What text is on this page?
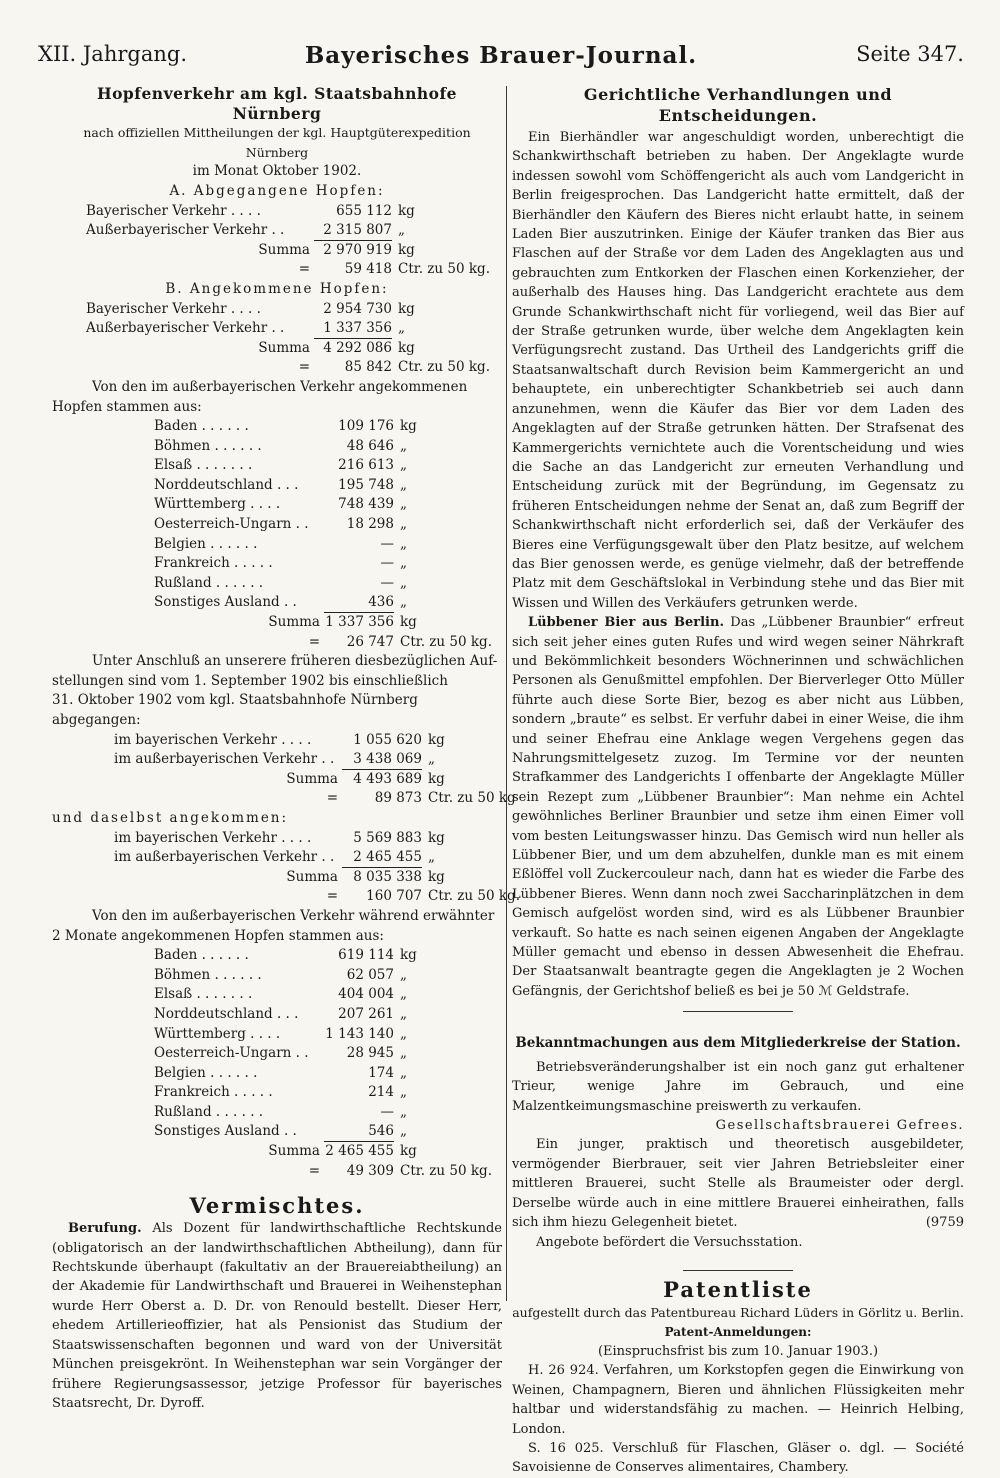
XII. Jahrgang.	Bayerisches Brauer-Journal.	Seite 347.

Hopfenverkehr am kgl. Staatsbahnhofe Nürnberg

nach offiziellen Mittheilungen der kgl. Hauptgüterexpedition Nürnberg

im Monat Oktober 1902.

A. Abgegangene Hopfen:

Bayerischer Verkehr . . . .	655 112 kg
Außerbayerischer Verkehr . .	2 315 807 „
Summa 2 970 919 kg
=	59 418 Ctr. zu 50 kg.

B. Angekommene Hopfen:

Bayerischer Verkehr . . . .	2 954 730 kg
Außerbayerischer Verkehr . .	1 337 356 „
Summa 4 292 086 kg
=	85 842 Ctr. zu 50 kg.

Von den im außerbayerischen Verkehr angekommenen

Hopfen stammen aus:

Baden . . . . . .	109 176 kg
Böhmen . . . . . .	48 646 „
Elsaß . . . . . . .	216 613 „
Norddeutschland . . .	195 748 „
Württemberg . . . .	748 439 „
Oesterreich-Ungarn . .	18 298 „
Belgien . . . . . .	— „
Frankreich . . . . .	— „
Rußland . . . . . .	— „
Sonstiges Ausland . .	436 „
Summa 1 337 356 kg
=	26 747 Ctr. zu 50 kg.

Unter Anschluß an unserere früheren diesbezüglichen Auf-

stellungen sind vom 1. September 1902 bis einschließlich

31. Oktober 1902 vom kgl. Staatsbahnhofe Nürnberg abgegangen:

im bayerischen Verkehr . . . .	1 055 620 kg
im außerbayerischen Verkehr . .	3 438 069 „
Summa	4 493 689 kg
=	89 873 Ctr. zu 50 kg

und daselbst angekommen:

im bayerischen Verkehr . . . .	5 569 883 kg
im außerbayerischen Verkehr . .	2 465 455 „
Summa	8 035 338 kg
=	160 707 Ctr. zu 50 kg.

Von den im außerbayerischen Verkehr während erwähnter

2 Monate angekommenen Hopfen stammen aus:

Baden . . . . . .	619 114 kg
Böhmen . . . . . .	62 057 „
Elsaß . . . . . . .	404 004 „
Norddeutschland . . .	207 261 „
Württemberg . . . .	1 143 140 „
Oesterreich-Ungarn . .	28 945 „
Belgien . . . . . .	174 „
Frankreich . . . . .	214 „
Rußland . . . . . .	— „
Sonstiges Ausland . .	546 „
Summa 2 465 455 kg
=	49 309 Ctr. zu 50 kg.

Vermischtes.

Berufung. Als Dozent für landwirthschaftliche Rechtskunde (obligatorisch an der landwirthschaftlichen Abtheilung), dann für Rechtskunde überhaupt (fakultativ an der Brauereiabtheilung) an der Akademie für Landwirthschaft und Brauerei in Weihenstephan wurde Herr Oberst a. D. Dr. von Renould bestellt. Dieser Herr, ehedem Artillerieoffizier, hat als Pensionist das Studium der Staatswissenschaften begonnen und ward von der Universität München preisgekrönt. In Weihenstephan war sein Vorgänger der frühere Regierungsassessor, jetzige Professor für bayerisches Staatsrecht, Dr. Dyroff.

Gerichtliche Verhandlungen und

Entscheidungen.

Ein Bierhändler war angeschuldigt worden, unberechtigt die Schankwirthschaft betrieben zu haben. Der Angeklagte wurde indessen sowohl vom Schöffengericht als auch vom Landgericht in Berlin freigesprochen. Das Landgericht hatte ermittelt, daß der Bierhändler den Käufern des Bieres nicht erlaubt hatte, in seinem Laden Bier auszutrinken. Einige der Käufer tranken das Bier aus Flaschen auf der Straße vor dem Laden des Angeklagten aus und gebrauchten zum Entkorken der Flaschen einen Korkenzieher, der außerhalb des Hauses hing. Das Landgericht erachtete aus dem Grunde Schankwirthschaft nicht für vorliegend, weil das Bier auf der Straße getrunken wurde, über welche dem Angeklagten kein Verfügungsrecht zustand. Das Urtheil des Landgerichts griff die Staatsanwaltschaft durch Revision beim Kammergericht an und behauptete, ein unberechtigter Schankbetrieb sei auch dann anzunehmen, wenn die Käufer das Bier vor dem Laden des Angeklagten auf der Straße getrunken hätten. Der Strafsenat des Kammergerichts vernichtete auch die Vorentscheidung und wies die Sache an das Landgericht zur erneuten Verhandlung und Entscheidung zurück mit der Begründung, im Gegensatz zu früheren Entscheidungen nehme der Senat an, daß zum Begriff der Schankwirthschaft nicht erforderlich sei, daß der Verkäufer des Bieres eine Verfügungsgewalt über den Platz besitze, auf welchem das Bier genossen werde, es genüge vielmehr, daß der betreffende Platz mit dem Geschäftslokal in Verbindung stehe und das Bier mit Wissen und Willen des Verkäufers getrunken werde.

Lübbener Bier aus Berlin. Das „Lübbener Braunbier“ erfreut sich seit jeher eines guten Rufes und wird wegen seiner Nährkraft und Bekömmlichkeit besonders Wöchnerinnen und schwächlichen Personen als Genußmittel empfohlen. Der Bierverleger Otto Müller führte auch diese Sorte Bier, bezog es aber nicht aus Lübben, sondern „braute“ es selbst. Er verfuhr dabei in einer Weise, die ihm und seiner Ehefrau eine Anklage wegen Vergehens gegen das Nahrungsmittelgesetz zuzog. Im Termine vor der neunten Strafkammer des Landgerichts I offenbarte der Angeklagte Müller sein Rezept zum „Lübbener Braunbier“: Man nehme ein Achtel gewöhnliches Berliner Braunbier und setze ihm einen Eimer voll vom besten Leitungswasser hinzu. Das Gemisch wird nun heller als Lübbener Bier, und um dem abzuhelfen, dunkle man es mit einem Eßlöffel voll Zuckercouleur nach, dann hat es wieder die Farbe des Lübbener Bieres. Wenn dann noch zwei Saccharinplätzchen in dem Gemisch aufgelöst worden sind, wird es als Lübbener Braunbier verkauft. So hatte es nach seinen eigenen Angaben der Angeklagte Müller gemacht und ebenso in dessen Abwesenheit die Ehefrau. Der Staatsanwalt beantragte gegen die Angeklagten je 2 Wochen Gefängnis, der Gerichtshof beließ es bei je 50 ℳ Geldstrafe.

Bekanntmachungen aus dem Mitgliederkreise der Station.

Betriebsveränderungshalber ist ein noch ganz gut erhaltener Trieur, wenige Jahre im Gebrauch, und eine Malzentkeimungsmaschine preiswerth zu verkaufen.

Gesellschaftsbrauerei Gefrees.

Ein junger, praktisch und theoretisch ausgebildeter, vermögender Bierbrauer, seit vier Jahren Betriebsleiter einer mittleren Brauerei, sucht Stelle als Braumeister oder dergl. Derselbe würde auch in eine mittlere Brauerei einheirathen, falls sich ihm hiezu Gelegenheit bietet.	(9759

Angebote befördert die Versuchsstation.

Patentliste

aufgestellt durch das Patentbureau Richard Lüders in Görlitz u. Berlin.

Patent-Anmeldungen:

(Einspruchsfrist bis zum 10. Januar 1903.)

H. 26 924. Verfahren, um Korkstopfen gegen die Einwirkung von Weinen, Champagnern, Bieren und ähnlichen Flüssigkeiten mehr haltbar und widerstandsfähig zu machen. — Heinrich Helbing, London.

S. 16 025. Verschluß für Flaschen, Gläser o. dgl. — Société Savoisienne de Conserves alimentaires, Chambery.
